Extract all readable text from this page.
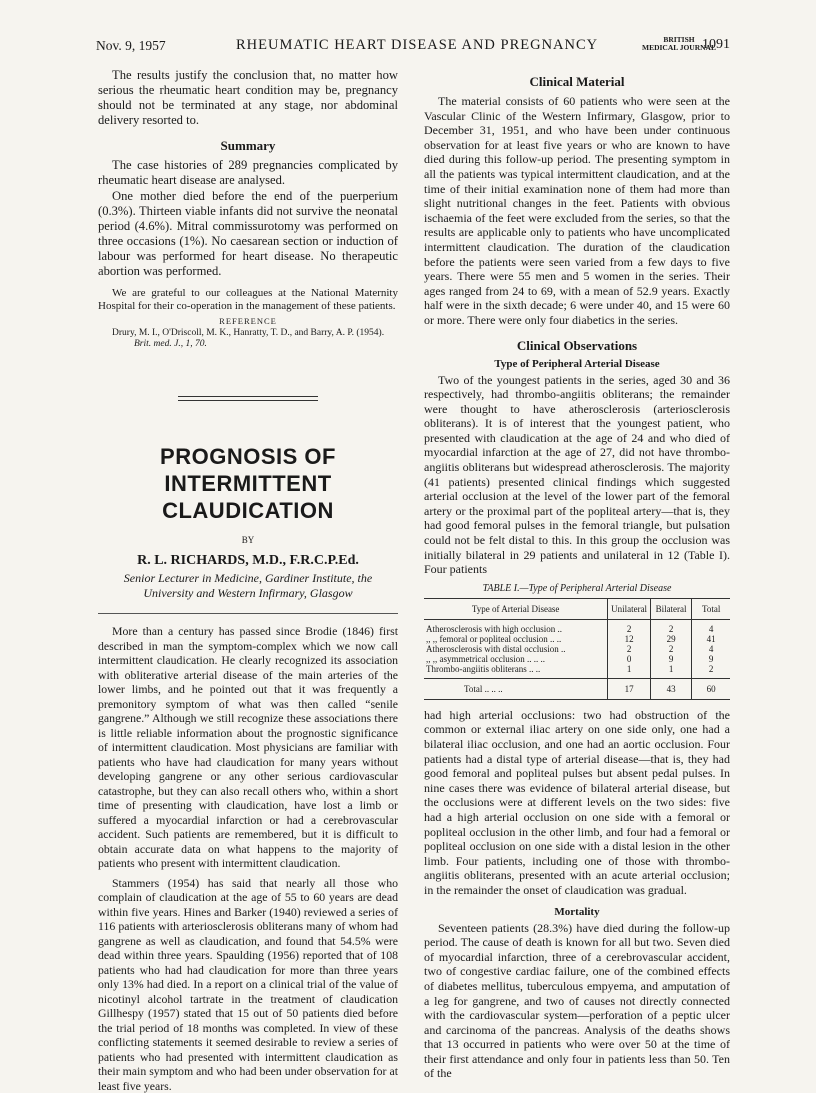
Nov. 9, 1957	RHEUMATIC HEART DISEASE AND PREGNANCY	BRITISH
MEDICAL JOURNAL
1091

The results justify the conclusion that, no matter how serious the rheumatic heart condition may be, pregnancy should not be terminated at any stage, nor abdominal delivery resorted to.

Summary

The case histories of 289 pregnancies complicated by rheumatic heart disease are analysed.

One mother died before the end of the puerperium (0.3%). Thirteen viable infants did not survive the neonatal period (4.6%). Mitral commissurotomy was performed on three occasions (1%). No caesarean section or induction of labour was performed for heart disease. No therapeutic abortion was performed.

We are grateful to our colleagues at the National Maternity Hospital for their co-operation in the management of these patients.

REFERENCE

Drury, M. I., O'Driscoll, M. K., Hanratty, T. D., and Barry, A. P. (1954).
Brit. med. J., 1, 70.

PROGNOSIS OF INTERMITTENT
CLAUDICATION
BY
R. L. RICHARDS, M.D., F.R.C.P.Ed.
Senior Lecturer in Medicine, Gardiner Institute, the
University and Western Infirmary, Glasgow

More than a century has passed since Brodie (1846) first described in man the symptom-complex which we now call intermittent claudication. He clearly recognized its association with obliterative arterial disease of the main arteries of the lower limbs, and he pointed out that it was frequently a premonitory symptom of what was then called “senile gangrene.” Although we still recognize these associations there is little reliable information about the prognostic significance of intermittent claudication. Most physicians are familiar with patients who have had claudication for many years without developing gangrene or any other serious cardiovascular catastrophe, but they can also recall others who, within a short time of presenting with claudication, have lost a limb or suffered a myocardial infarction or had a cerebrovascular accident. Such patients are remembered, but it is difficult to obtain accurate data on what happens to the majority of patients who present with intermittent claudication.

Stammers (1954) has said that nearly all those who complain of claudication at the age of 55 to 60 years are dead within five years. Hines and Barker (1940) reviewed a series of 116 patients with arteriosclerosis obliterans many of whom had gangrene as well as claudication, and found that 54.5% were dead within three years. Spaulding (1956) reported that of 108 patients who had had claudication for more than three years only 13% had died. In a report on a clinical trial of the value of nicotinyl alcohol tartrate in the treatment of claudication Gillhespy (1957) stated that 15 out of 50 patients died before the trial period of 18 months was completed. In view of these conflicting statements it seemed desirable to review a series of patients who had presented with intermittent claudication as their main symptom and who had been under observation for at least five years.

Clinical Material

The material consists of 60 patients who were seen at the Vascular Clinic of the Western Infirmary, Glasgow, prior to December 31, 1951, and who have been under continuous observation for at least five years or who are known to have died during this follow-up period. The presenting symptom in all the patients was typical intermittent claudication, and at the time of their initial examination none of them had more than slight nutritional changes in the feet. Patients with obvious ischaemia of the feet were excluded from the series, so that the results are applicable only to patients who have uncomplicated intermittent claudication. The duration of the claudication before the patients were seen varied from a few days to five years. There were 55 men and 5 women in the series. Their ages ranged from 24 to 69, with a mean of 52.9 years. Exactly half were in the sixth decade; 6 were under 40, and 15 were 60 or more. There were only four diabetics in the series.

Clinical Observations
Type of Peripheral Arterial Disease

Two of the youngest patients in the series, aged 30 and 36 respectively, had thrombo-angiitis obliterans; the remainder were thought to have atherosclerosis (arteriosclerosis obliterans). It is of interest that the youngest patient, who presented with claudication at the age of 24 and who died of myocardial infarction at the age of 27, did not have thrombo-angiitis obliterans but widespread atherosclerosis. The majority (41 patients) presented clinical findings which suggested arterial occlusion at the level of the lower part of the femoral artery or the proximal part of the popliteal artery—that is, they had good femoral pulses in the femoral triangle, but pulsation could not be felt distal to this. In this group the occlusion was initially bilateral in 29 patients and unilateral in 12 (Table I). Four patients

TABLE I.—Type of Peripheral Arterial Disease
Type of Arterial Disease	Unilateral	Bilateral	Total
Atherosclerosis with high occlusion ..	2	2	4
,, ,, femoral or popliteal occlusion .. ..	12	29	41
Atherosclerosis with distal occlusion ..	2	2	4
,, ,, asymmetrical occlusion .. .. ..	0	9	9
Thrombo-angiitis obliterans .. ..	1	1	2
Total .. .. ..	17	43	60

had high arterial occlusions: two had obstruction of the common or external iliac artery on one side only, one had a bilateral iliac occlusion, and one had an aortic occlusion. Four patients had a distal type of arterial disease—that is, they had good femoral and popliteal pulses but absent pedal pulses. In nine cases there was evidence of bilateral arterial disease, but the occlusions were at different levels on the two sides: five had a high arterial occlusion on one side with a femoral or popliteal occlusion in the other limb, and four had a femoral or popliteal occlusion on one side with a distal lesion in the other limb. Four patients, including one of those with thrombo-angiitis obliterans, presented with an acute arterial occlusion; in the remainder the onset of claudication was gradual.

Mortality

Seventeen patients (28.3%) have died during the follow-up period. The cause of death is known for all but two. Seven died of myocardial infarction, three of a cerebrovascular accident, two of congestive cardiac failure, one of the combined effects of diabetes mellitus, tuberculous empyema, and amputation of a leg for gangrene, and two of causes not directly connected with the cardiovascular system—perforation of a peptic ulcer and carcinoma of the pancreas. Analysis of the deaths shows that 13 occurred in patients who were over 50 at the time of their first attendance and only four in patients less than 50. Ten of the
